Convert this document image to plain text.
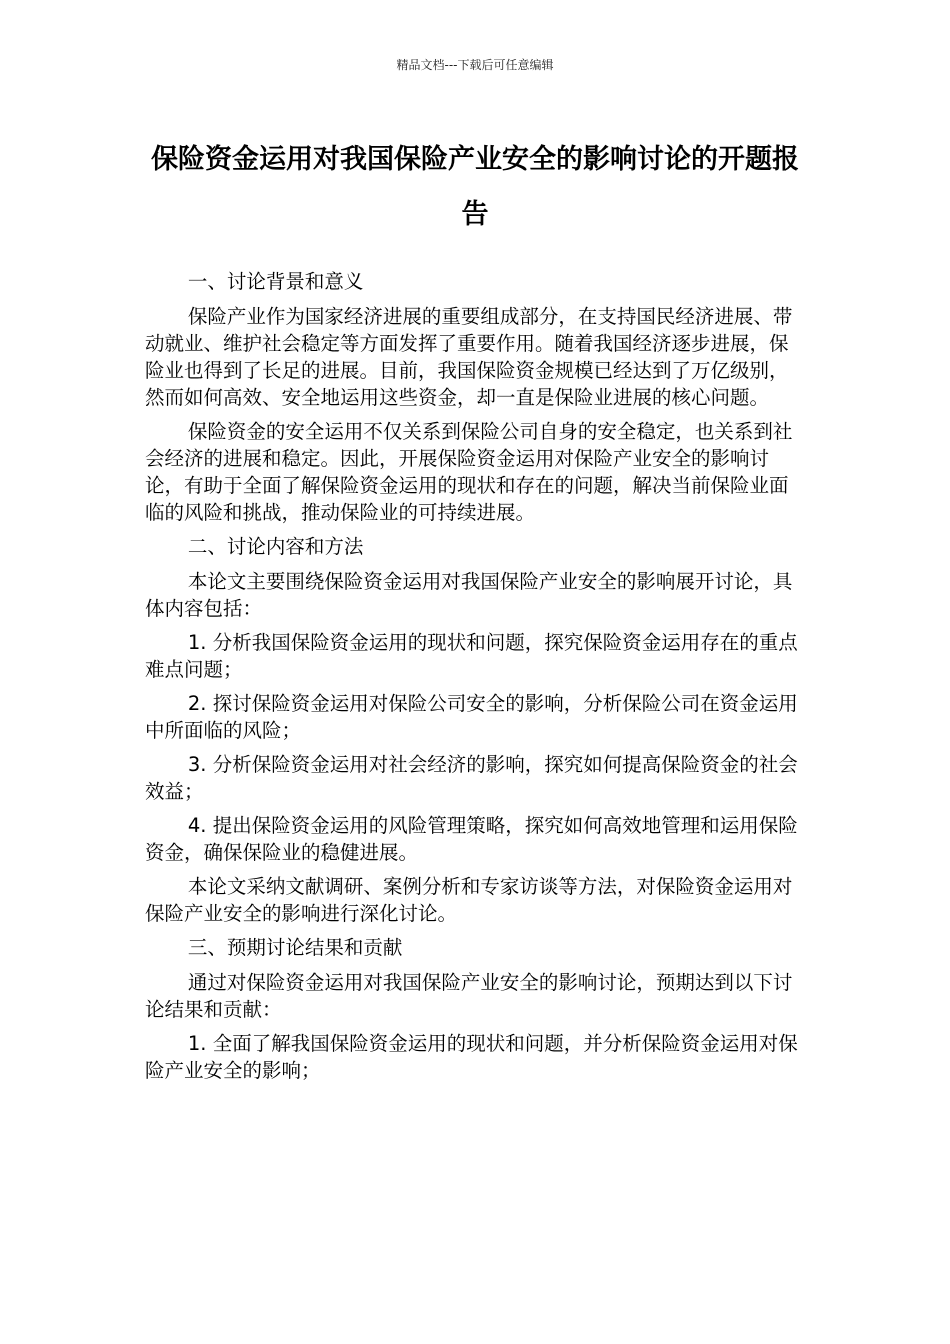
精品文档---下载后可任意编辑
保险资金运用对我国保险产业安全的影响讨论的开题报告

一、讨论背景和意义

保险产业作为国家经济进展的重要组成部分，在支持国民经济进展、带动就业、维护社会稳定等方面发挥了重要作用。随着我国经济逐步进展，保险业也得到了长足的进展。目前，我国保险资金规模已经达到了万亿级别，然而如何高效、安全地运用这些资金，却一直是保险业进展的核心问题。

保险资金的安全运用不仅关系到保险公司自身的安全稳定，也关系到社会经济的进展和稳定。因此，开展保险资金运用对保险产业安全的影响讨论，有助于全面了解保险资金运用的现状和存在的问题，解决当前保险业面临的风险和挑战，推动保险业的可持续进展。

二、讨论内容和方法

本论文主要围绕保险资金运用对我国保险产业安全的影响展开讨论，具体内容包括：

1. 分析我国保险资金运用的现状和问题，探究保险资金运用存在的重点难点问题；

2. 探讨保险资金运用对保险公司安全的影响，分析保险公司在资金运用中所面临的风险；

3. 分析保险资金运用对社会经济的影响，探究如何提高保险资金的社会效益；

4. 提出保险资金运用的风险管理策略，探究如何高效地管理和运用保险资金，确保保险业的稳健进展。

本论文采纳文献调研、案例分析和专家访谈等方法，对保险资金运用对保险产业安全的影响进行深化讨论。

三、预期讨论结果和贡献

通过对保险资金运用对我国保险产业安全的影响讨论，预期达到以下讨论结果和贡献：

1. 全面了解我国保险资金运用的现状和问题，并分析保险资金运用对保险产业安全的影响；
